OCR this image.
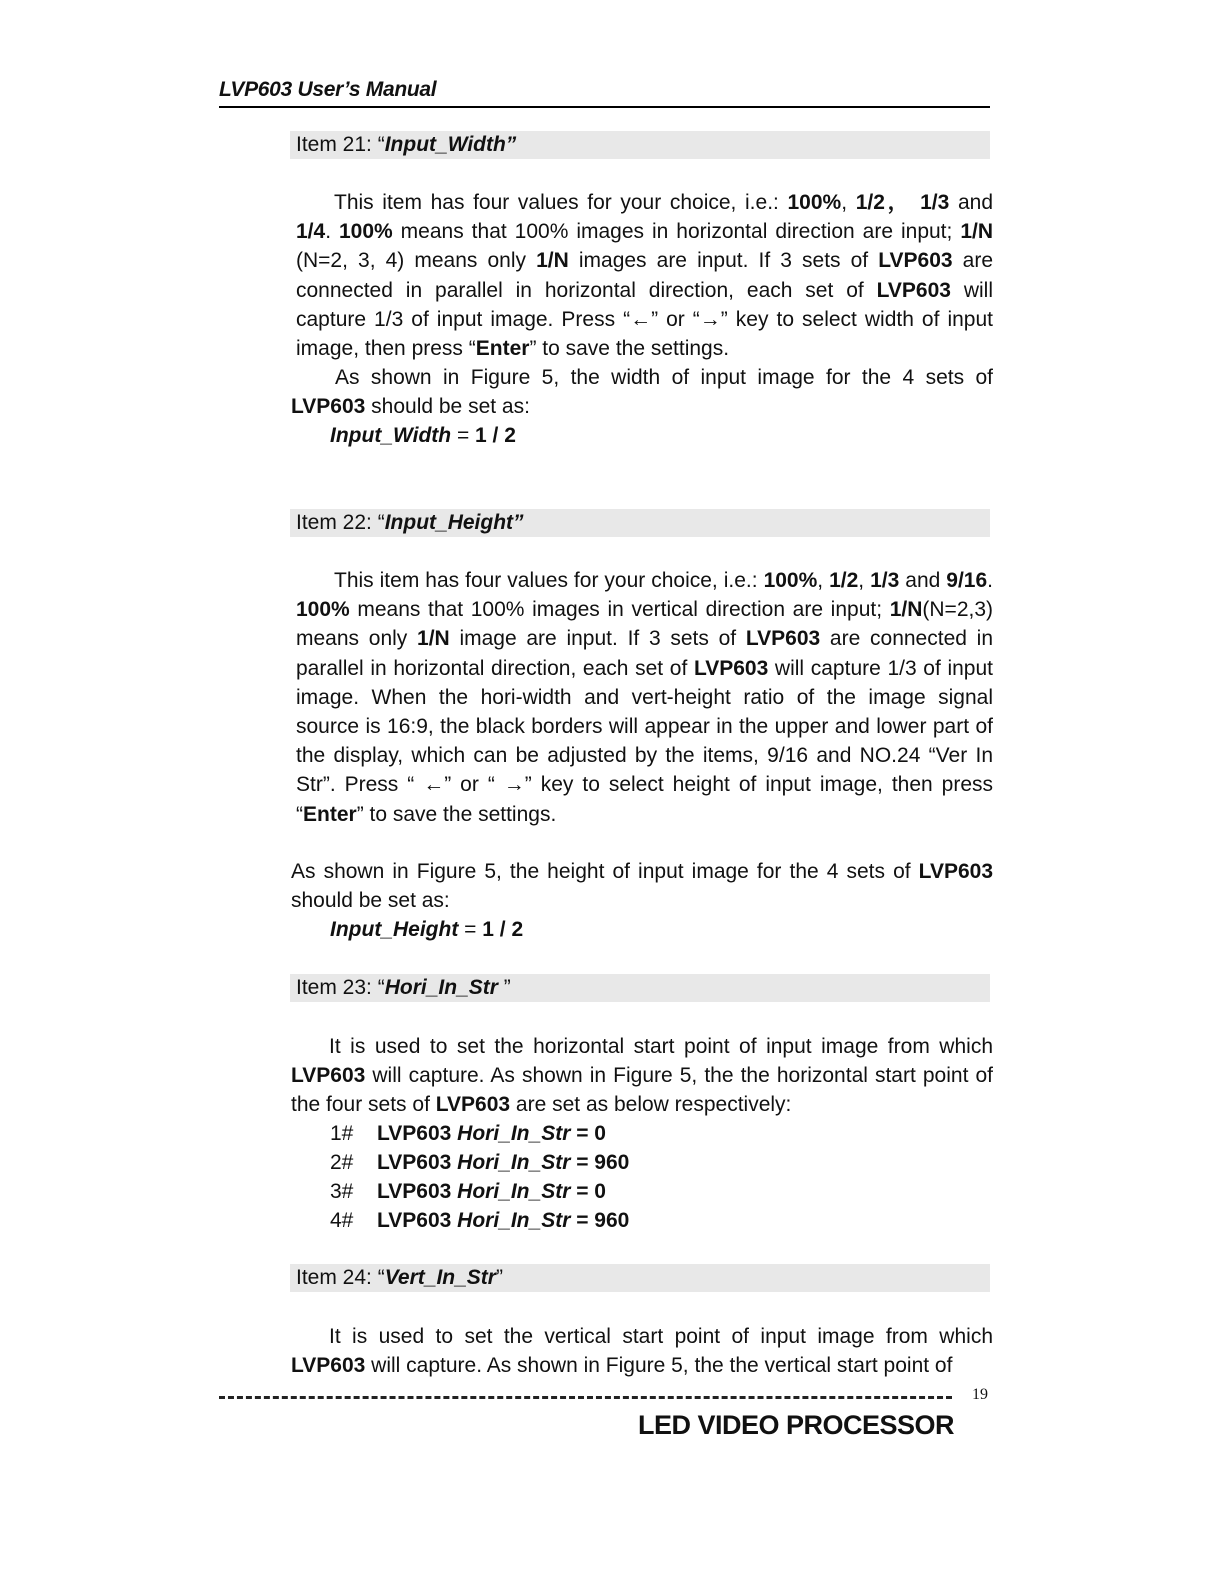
LVP603 User’s Manual
Item 21: “Input_Width”
This item has four values for your choice, i.e.: 100%, 1/2， 1/3 and 1/4. 100% means that 100% images in horizontal direction are input; 1/N (N=2, 3, 4) means only 1/N images are input. If 3 sets of LVP603 are connected in parallel in horizontal direction, each set of LVP603 will capture 1/3 of input image. Press “←” or “→” key to select width of input image, then press “Enter” to save the settings.
As shown in Figure 5, the width of input image for the 4 sets of LVP603 should be set as:
Input_Width = 1 / 2
Item 22: “Input_Height”
This item has four values for your choice, i.e.: 100%, 1/2, 1/3 and 9/16. 100% means that 100% images in vertical direction are input; 1/N(N=2,3) means only 1/N image are input. If 3 sets of LVP603 are connected in parallel in horizontal direction, each set of LVP603 will capture 1/3 of input image. When the hori-width and vert-height ratio of the image signal source is 16:9, the black borders will appear in the upper and lower part of the display, which can be adjusted by the items, 9/16 and NO.24 “Ver In Str”. Press “ ←” or “ →” key to select height of input image, then press “Enter” to save the settings.
As shown in Figure 5, the height of input image for the 4 sets of LVP603 should be set as:
Input_Height = 1 / 2
Item 23: “Hori_In_Str ”
It is used to set the horizontal start point of input image from which LVP603 will capture. As shown in Figure 5, the the horizontal start point of the four sets of LVP603 are set as below respectively:
1# LVP603 Hori_In_Str = 0
2# LVP603 Hori_In_Str = 960
3# LVP603 Hori_In_Str = 0
4# LVP603 Hori_In_Str = 960
Item 24: “Vert_In_Str”
It is used to set the vertical start point of input image from which LVP603 will capture. As shown in Figure 5, the the vertical start point of
19
LED VIDEO PROCESSOR
